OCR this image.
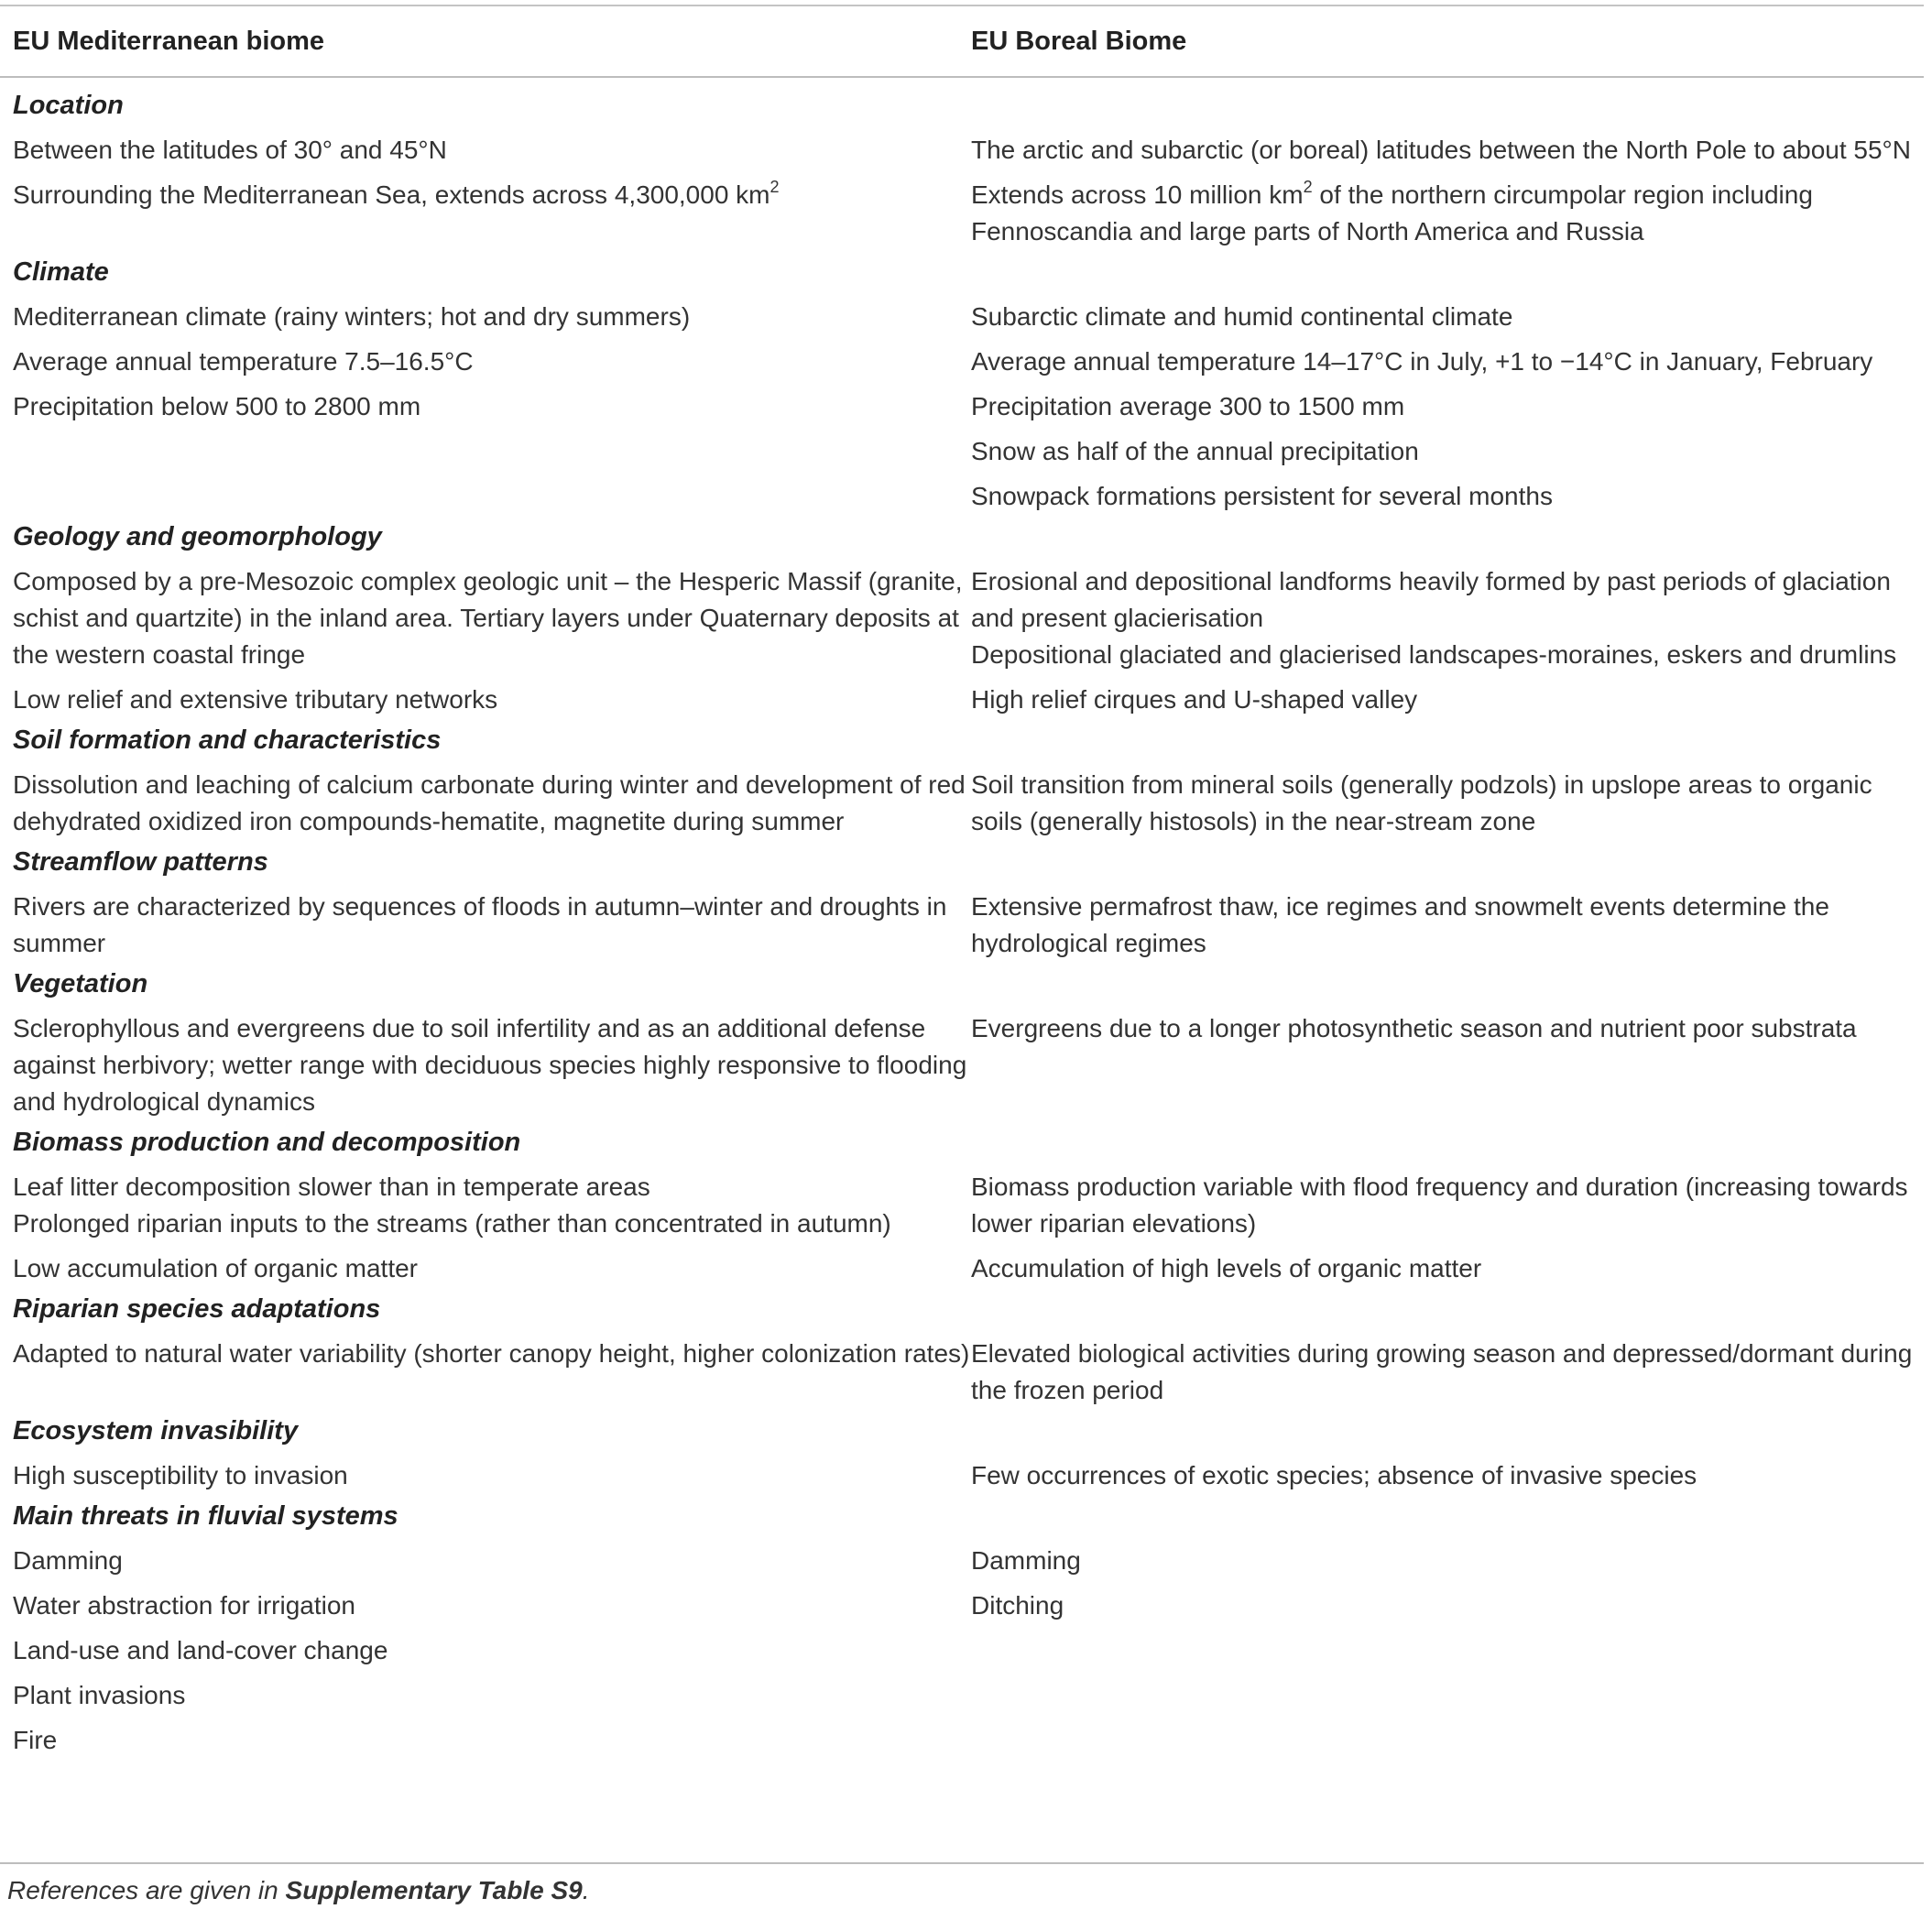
EU Mediterranean biome	EU Boreal Biome
Location
Between the latitudes of 30° and 45°N
Surrounding the Mediterranean Sea, extends across 4,300,000 $km^2$
The arctic and subarctic (or boreal) latitudes between the North Pole to about 55°N
Extends across 10 million $km^2$ of the northern circumpolar region including Fennoscandia and large parts of North America and Russia
Climate
Mediterranean climate (rainy winters; hot and dry summers)
Average annual temperature 7.5–16.5°C
Precipitation below 500 to 2800 mm
Subarctic climate and humid continental climate
Average annual temperature 14–17°C in July, +1 to −14°C in January, February
Precipitation average 300 to 1500 mm
Snow as half of the annual precipitation
Snowpack formations persistent for several months
Geology and geomorphology
Composed by a pre-Mesozoic complex geologic unit – the Hesperic Massif (granite, schist and quartzite) in the inland area. Tertiary layers under Quaternary deposits at the western coastal fringe
Low relief and extensive tributary networks
Erosional and depositional landforms heavily formed by past periods of glaciation and present glacierisation
Depositional glaciated and glacierised landscapes-moraines, eskers and drumlins
High relief cirques and U-shaped valley
Soil formation and characteristics
Dissolution and leaching of calcium carbonate during winter and development of red dehydrated oxidized iron compounds-hematite, magnetite during summer
Soil transition from mineral soils (generally podzols) in upslope areas to organic soils (generally histosols) in the near-stream zone
Streamflow patterns
Rivers are characterized by sequences of floods in autumn–winter and droughts in summer
Extensive permafrost thaw, ice regimes and snowmelt events determine the hydrological regimes
Vegetation
Sclerophyllous and evergreens due to soil infertility and as an additional defense against herbivory; wetter range with deciduous species highly responsive to flooding and hydrological dynamics
Evergreens due to a longer photosynthetic season and nutrient poor substrata
Biomass production and decomposition
Leaf litter decomposition slower than in temperate areas
Prolonged riparian inputs to the streams (rather than concentrated in autumn)
Low accumulation of organic matter
Biomass production variable with flood frequency and duration (increasing towards lower riparian elevations)
Accumulation of high levels of organic matter
Riparian species adaptations
Adapted to natural water variability (shorter canopy height, higher colonization rates) Elevated biological activities during growing season and depressed/dormant during the frozen period
Ecosystem invasibility
High susceptibility to invasion	Few occurrences of exotic species; absence of invasive species
Main threats in fluvial systems
Damming
Water abstraction for irrigation
Land-use and land-cover change
Plant invasions
Fire
Damming
Ditching
References are given in Supplementary Table S9.
